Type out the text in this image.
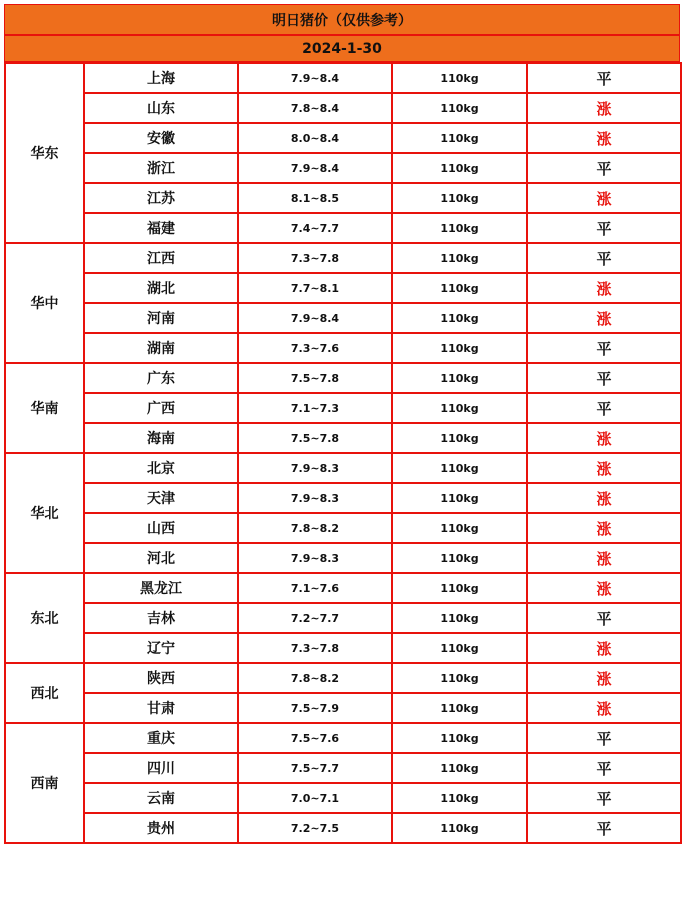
明日猪价（仅供参考）
2024-1-30
华东	上海	7.9~8.4	110kg	平
	山东	7.8~8.4	110kg	涨
	安徽	8.0~8.4	110kg	涨
	浙江	7.9~8.4	110kg	平
	江苏	8.1~8.5	110kg	涨
	福建	7.4~7.7	110kg	平
华中	江西	7.3~7.8	110kg	平
	湖北	7.7~8.1	110kg	涨
	河南	7.9~8.4	110kg	涨
	湖南	7.3~7.6	110kg	平
华南	广东	7.5~7.8	110kg	平
	广西	7.1~7.3	110kg	平
	海南	7.5~7.8	110kg	涨
华北	北京	7.9~8.3	110kg	涨
	天津	7.9~8.3	110kg	涨
	山西	7.8~8.2	110kg	涨
	河北	7.9~8.3	110kg	涨
东北	黑龙江	7.1~7.6	110kg	涨
	吉林	7.2~7.7	110kg	平
	辽宁	7.3~7.8	110kg	涨
西北	陕西	7.8~8.2	110kg	涨
	甘肃	7.5~7.9	110kg	涨
西南	重庆	7.5~7.6	110kg	平
	四川	7.5~7.7	110kg	平
	云南	7.0~7.1	110kg	平
	贵州	7.2~7.5	110kg	平
